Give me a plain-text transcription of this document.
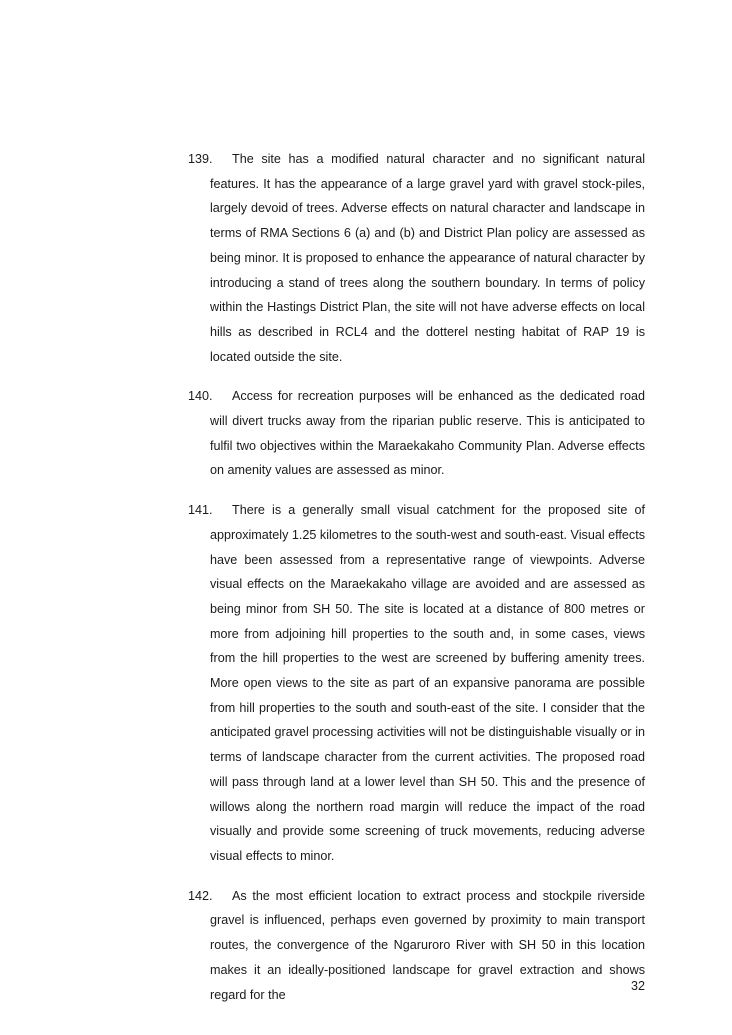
139.	The site has a modified natural character and no significant natural features. It has the appearance of a large gravel yard with gravel stock-piles, largely devoid of trees. Adverse effects on natural character and landscape in terms of RMA Sections 6 (a) and (b) and District Plan policy are assessed as being minor. It is proposed to enhance the appearance of natural character by introducing a stand of trees along the southern boundary. In terms of policy within the Hastings District Plan, the site will not have adverse effects on local hills as described in RCL4 and the dotterel nesting habitat of RAP 19 is located outside the site.
140.	Access for recreation purposes will be enhanced as the dedicated road will divert trucks away from the riparian public reserve. This is anticipated to fulfil two objectives within the Maraekakaho Community Plan. Adverse effects on amenity values are assessed as minor.
141.	There is a generally small visual catchment for the proposed site of approximately 1.25 kilometres to the south-west and south-east. Visual effects have been assessed from a representative range of viewpoints. Adverse visual effects on the Maraekakaho village are avoided and are assessed as being minor from SH 50. The site is located at a distance of 800 metres or more from adjoining hill properties to the south and, in some cases, views from the hill properties to the west are screened by buffering amenity trees. More open views to the site as part of an expansive panorama are possible from hill properties to the south and south-east of the site. I consider that the anticipated gravel processing activities will not be distinguishable visually or in terms of landscape character from the current activities. The proposed road will pass through land at a lower level than SH 50. This and the presence of willows along the northern road margin will reduce the impact of the road visually and provide some screening of truck movements, reducing adverse visual effects to minor.
142.	As the most efficient location to extract process and stockpile riverside gravel is influenced, perhaps even governed by proximity to main transport routes, the convergence of the Ngaruroro River with SH 50 in this location makes it an ideally-positioned landscape for gravel extraction and shows regard for the
32
